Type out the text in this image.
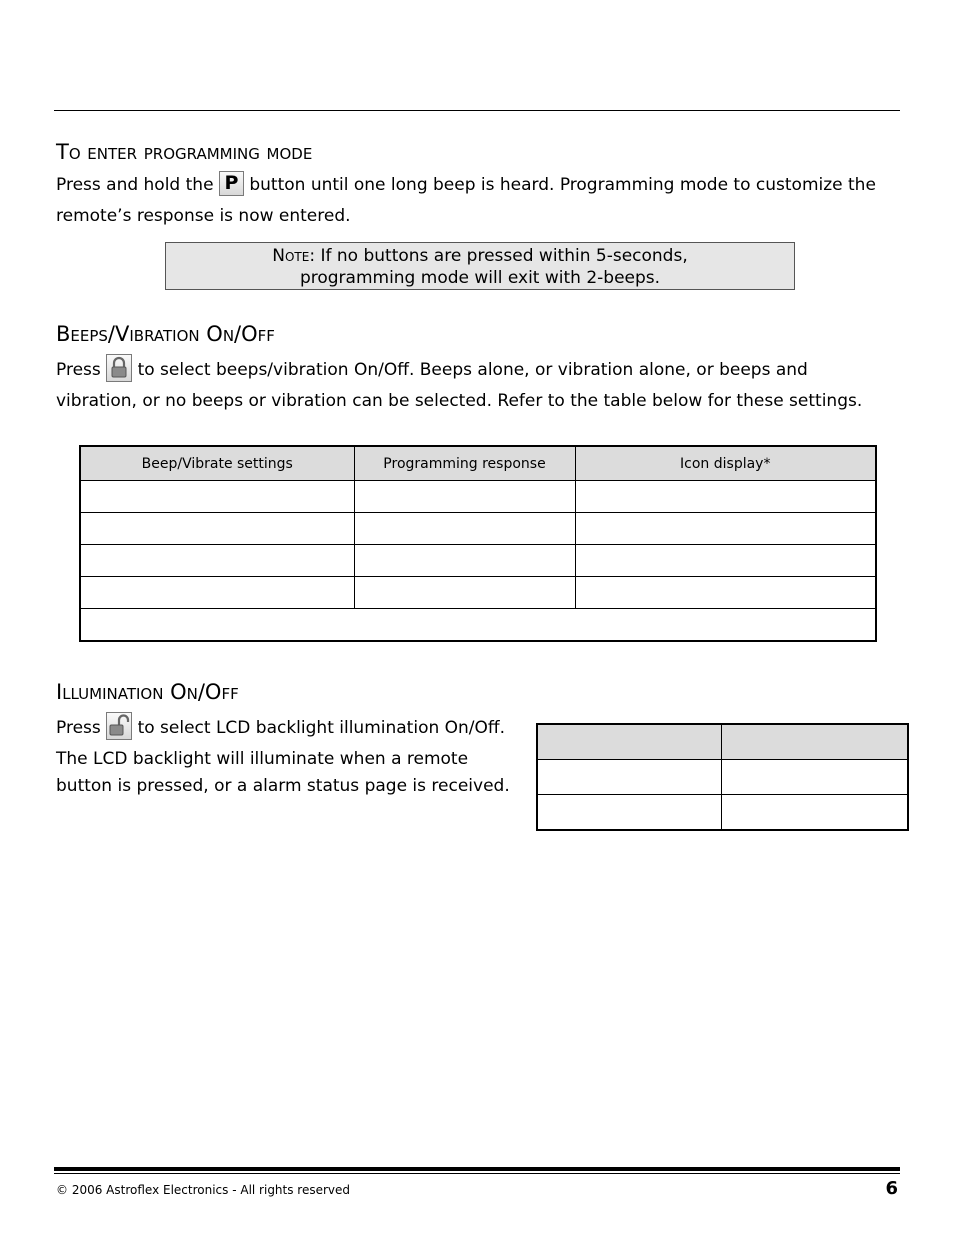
To enter programming mode
Press and hold the P button until one long beep is heard. Programming mode to customize the
remote’s response is now entered.
Note: If no buttons are pressed within 5-seconds,
programming mode will exit with 2-beeps.
Beeps/Vibration On/Off
Press to select beeps/vibration On/Off. Beeps alone, or vibration alone, or beeps and
vibration, or no beeps or vibration can be selected. Refer to the table below for these settings.
Beep/Vibrate settings	Programming response	Icon display*

Illumination On/Off
Press to select LCD backlight illumination On/Off.
The LCD backlight will illuminate when a remote
button is pressed, or a alarm status page is received.

© 2006 Astroflex Electronics - All rights reserved	6
